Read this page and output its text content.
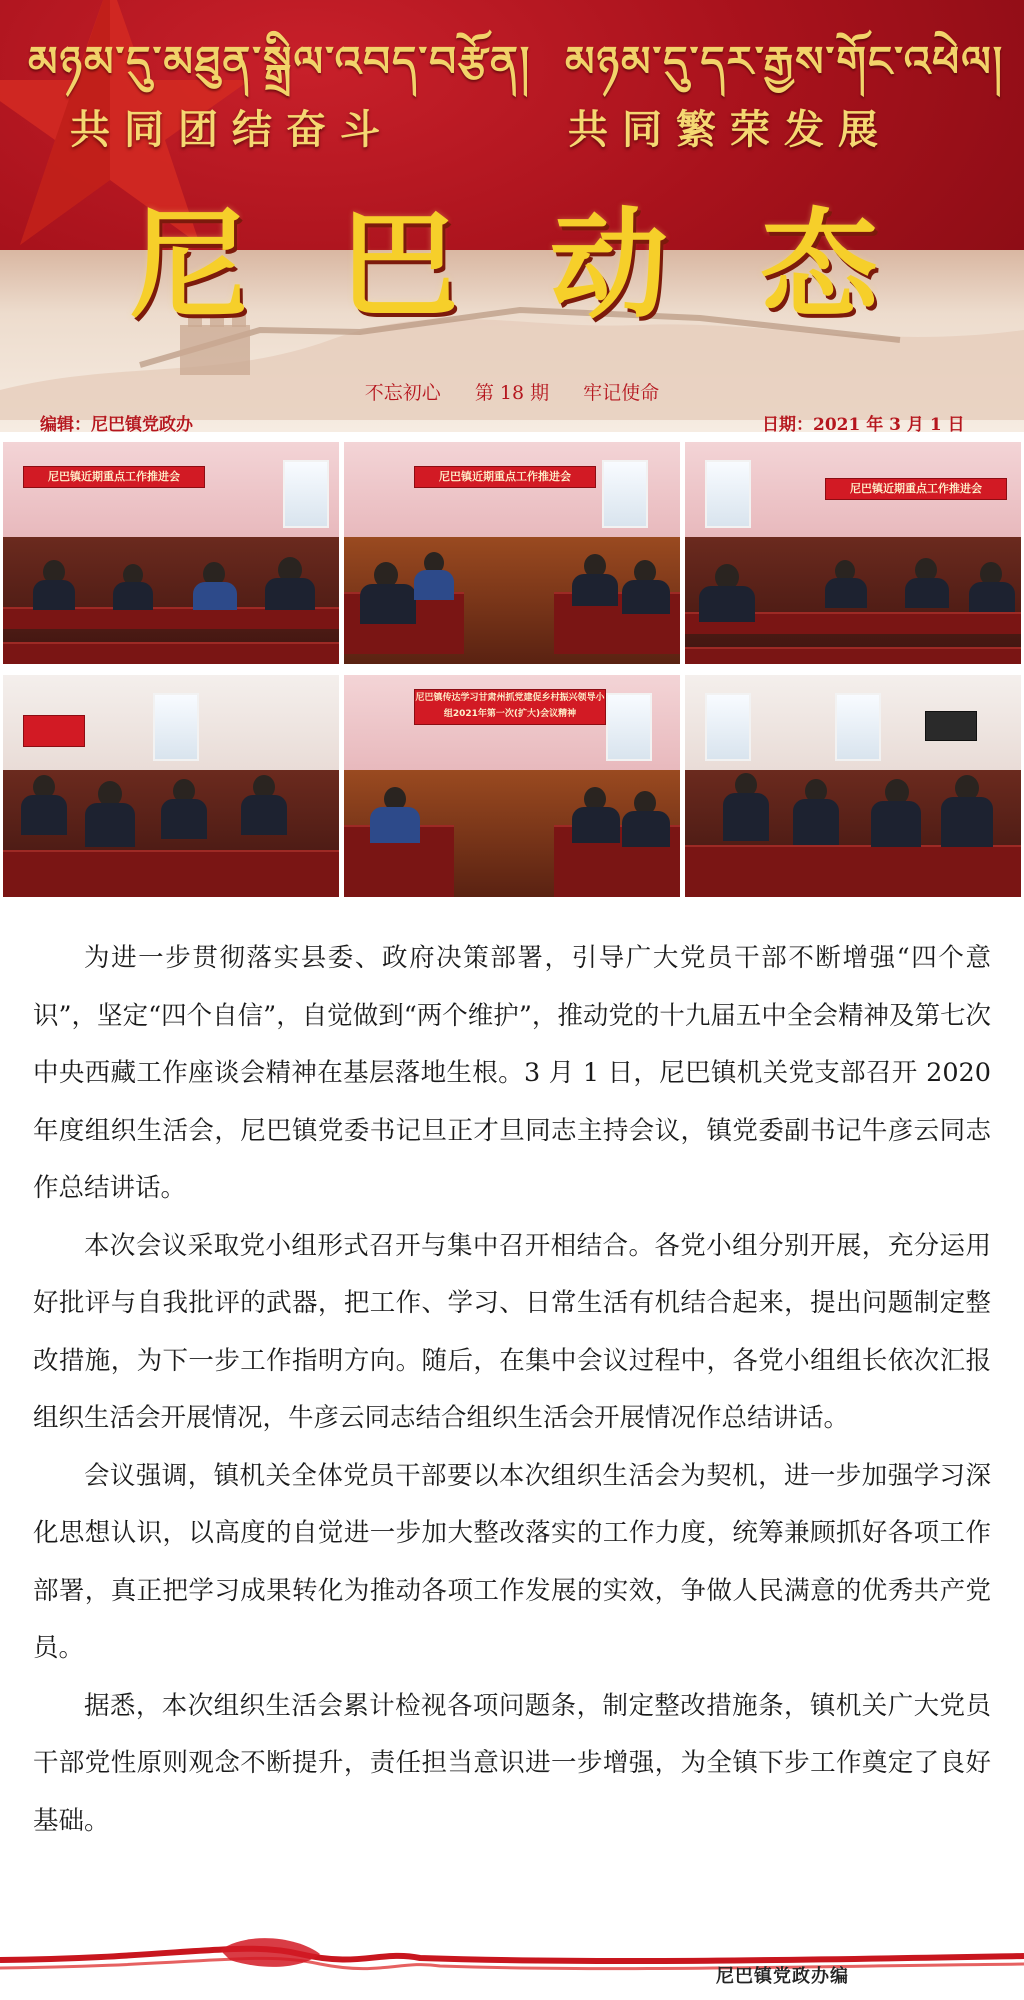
མཉམ་དུ་མཐུན་སྒྲིལ་འབད་བརྩོན། མཉམ་དུ་དར་རྒྱས་གོང་འཕེལ།
共同团结奋斗	共同繁荣发展
尼 巴 动 态
不忘初心 第 18 期 牢记使命
编辑：尼巴镇党政办	日期：2021 年 3 月 1 日
尼巴镇近期重点工作推进会	尼巴镇近期重点工作推进会
尼巴镇近期重点工作推进会
尼巴镇传达学习甘肃州抓党建促乡村振兴领导小组2021年第一次(扩大)会议精神

为进一步贯彻落实县委、政府决策部署，引导广大党员干部不断增强“四个意识”，坚定“四个自信”，自觉做到“两个维护”，推动党的十九届五中全会精神及第七次中央西藏工作座谈会精神在基层落地生根。3 月 1 日，尼巴镇机关党支部召开 2020 年度组织生活会，尼巴镇党委书记旦正才旦同志主持会议，镇党委副书记牛彦云同志作总结讲话。

本次会议采取党小组形式召开与集中召开相结合。各党小组分别开展，充分运用好批评与自我批评的武器，把工作、学习、日常生活有机结合起来，提出问题制定整改措施，为下一步工作指明方向。随后，在集中会议过程中，各党小组组长依次汇报组织生活会开展情况，牛彦云同志结合组织生活会开展情况作总结讲话。

会议强调，镇机关全体党员干部要以本次组织生活会为契机，进一步加强学习深化思想认识，以高度的自觉进一步加大整改落实的工作力度，统筹兼顾抓好各项工作部署，真正把学习成果转化为推动各项工作发展的实效，争做人民满意的优秀共产党员。

据悉，本次组织生活会累计检视各项问题条，制定整改措施条，镇机关广大党员干部党性原则观念不断提升，责任担当意识进一步增强，为全镇下步工作奠定了良好基础。

尼巴镇党政办编
